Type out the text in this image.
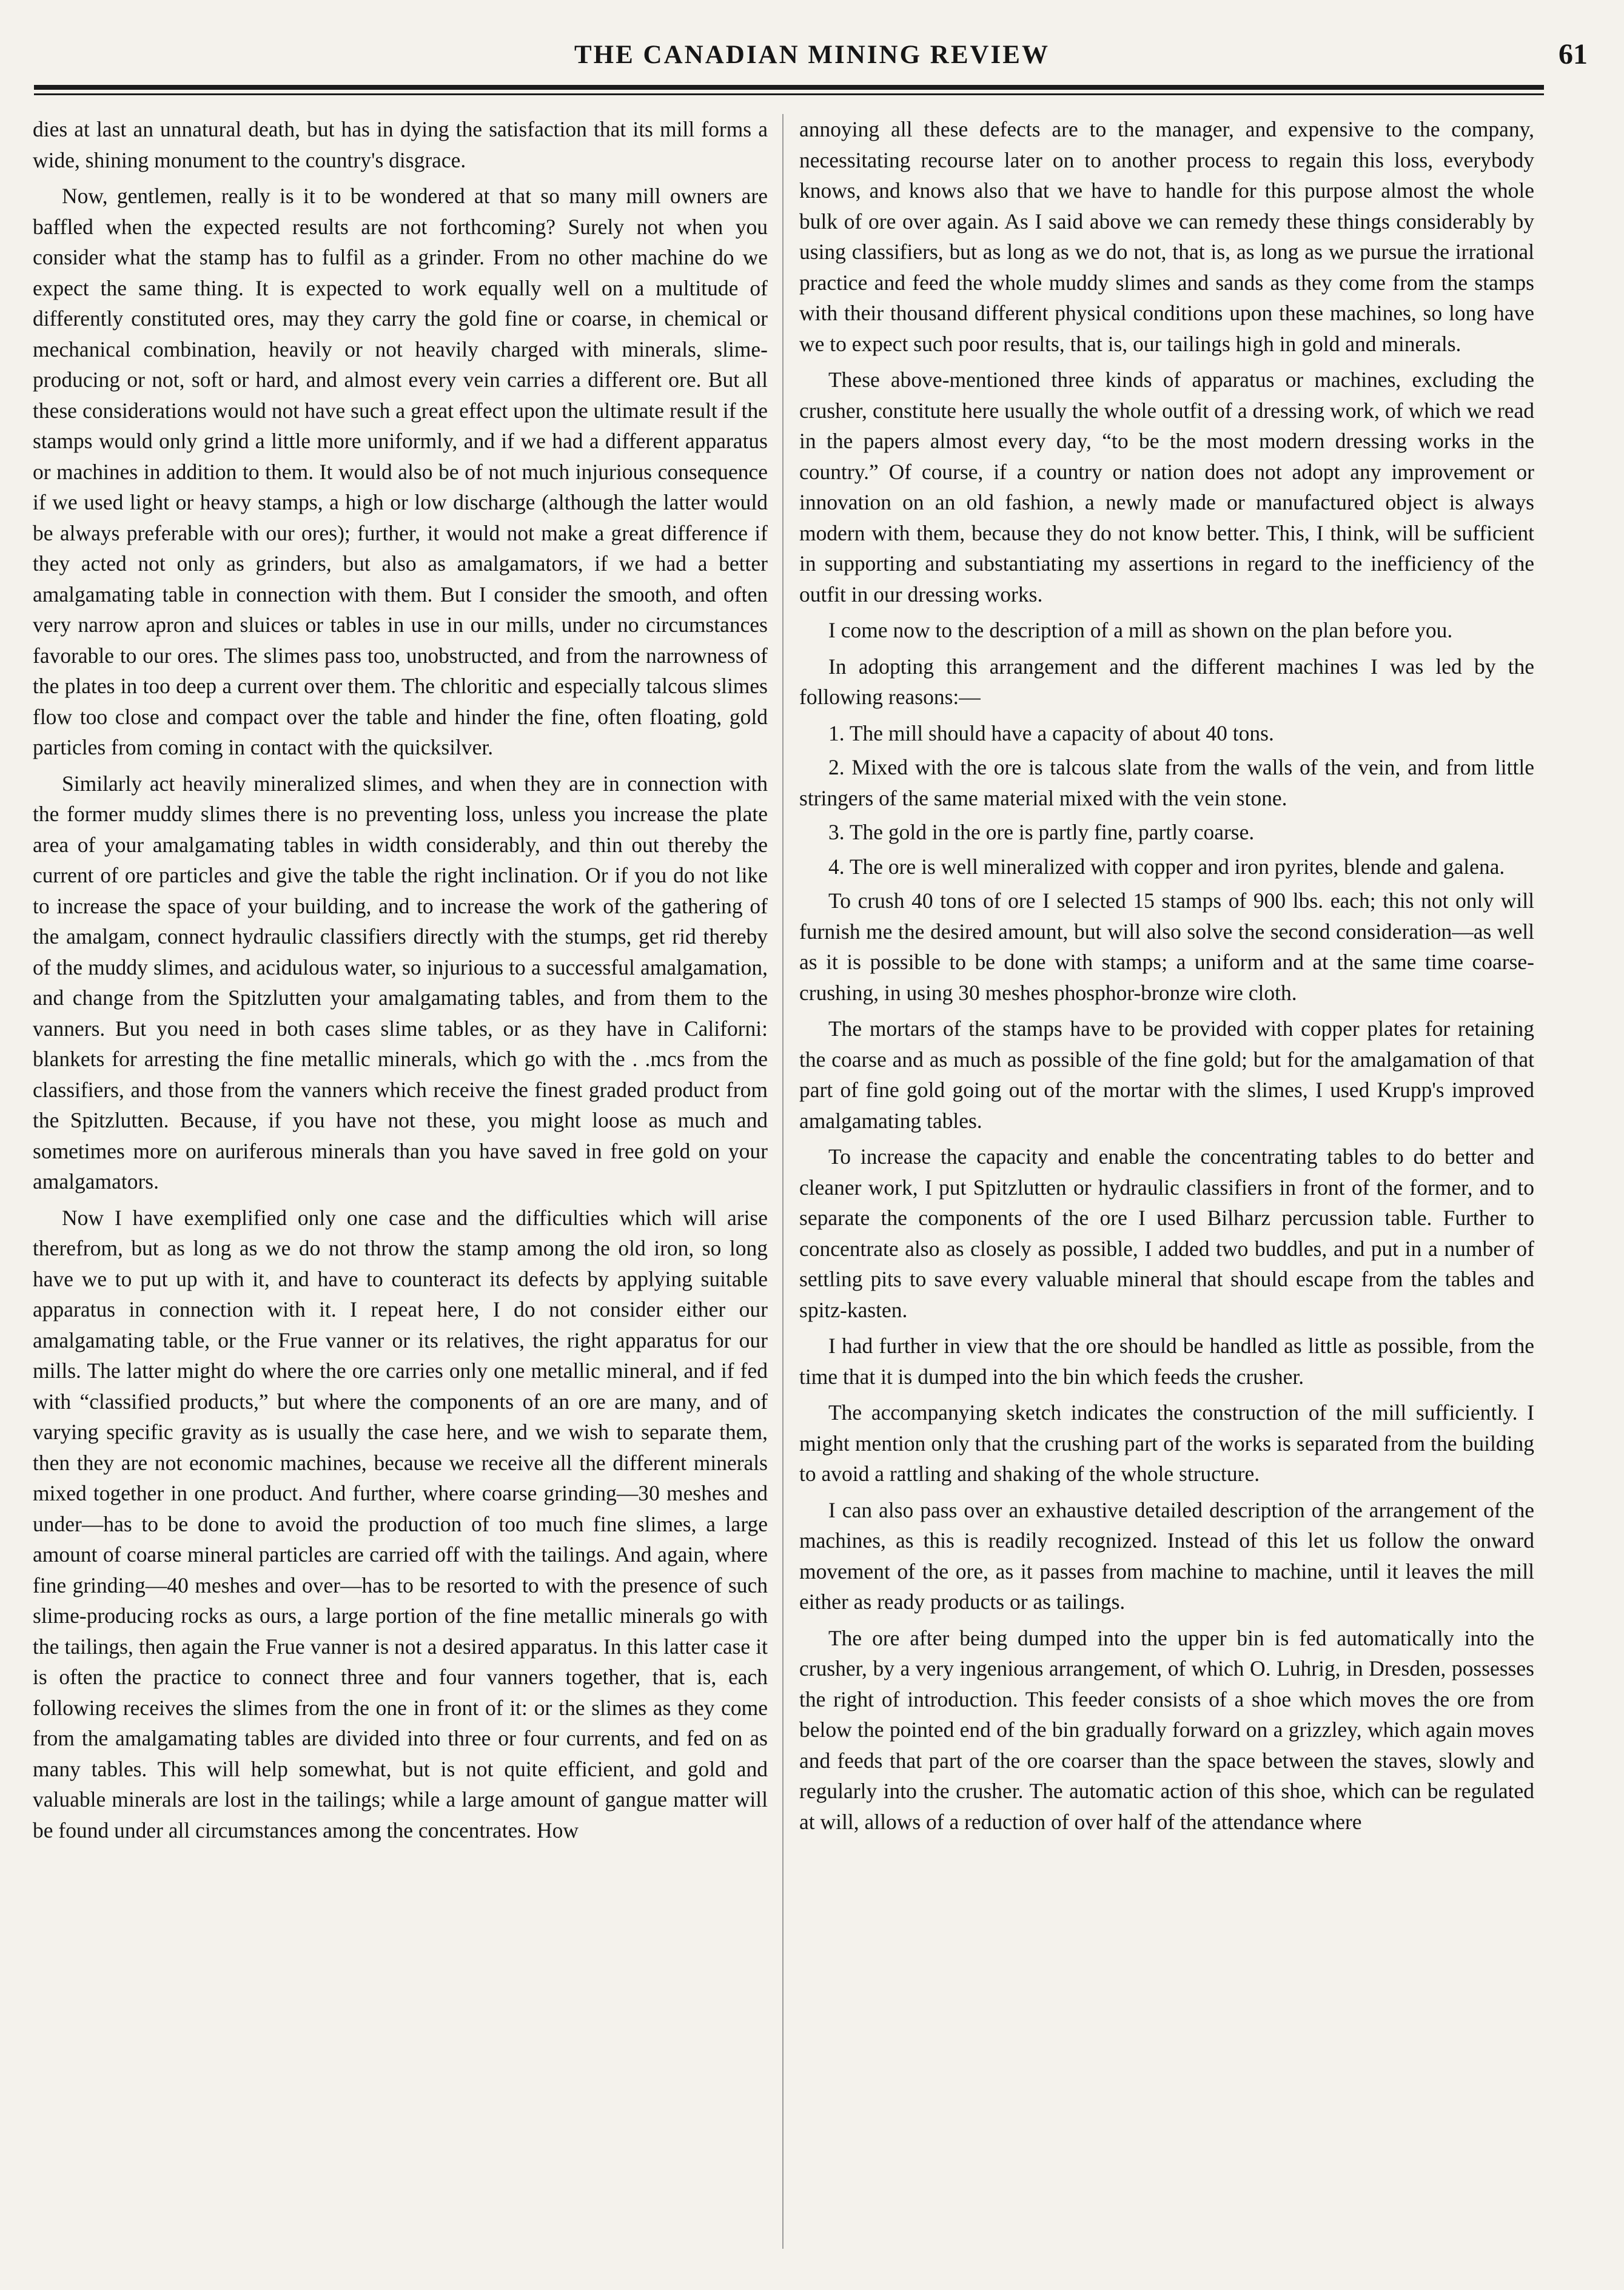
THE CANADIAN MINING REVIEW	61

dies at last an unnatural death, but has in dying the satisfaction that its mill forms a wide, shining monument to the country's disgrace.

Now, gentlemen, really is it to be wondered at that so many mill owners are baffled when the expected results are not forthcoming? Surely not when you consider what the stamp has to fulfil as a grinder. From no other machine do we expect the same thing. It is expected to work equally well on a multitude of differently constituted ores, may they carry the gold fine or coarse, in chemical or mechanical combination, heavily or not heavily charged with minerals, slime-producing or not, soft or hard, and almost every vein carries a different ore. But all these considerations would not have such a great effect upon the ultimate result if the stamps would only grind a little more uniformly, and if we had a different apparatus or machines in addition to them. It would also be of not much injurious consequence if we used light or heavy stamps, a high or low discharge (although the latter would be always preferable with our ores); further, it would not make a great difference if they acted not only as grinders, but also as amalgamators, if we had a better amalgamating table in connection with them. But I consider the smooth, and often very narrow apron and sluices or tables in use in our mills, under no circumstances favorable to our ores. The slimes pass too, unobstructed, and from the narrowness of the plates in too deep a current over them. The chloritic and especially talcous slimes flow too close and compact over the table and hinder the fine, often floating, gold particles from coming in contact with the quicksilver.

Similarly act heavily mineralized slimes, and when they are in connection with the former muddy slimes there is no preventing loss, unless you increase the plate area of your amalgamating tables in width considerably, and thin out thereby the current of ore particles and give the table the right inclination. Or if you do not like to increase the space of your building, and to increase the work of the gathering of the amalgam, connect hydraulic classifiers directly with the stumps, get rid thereby of the muddy slimes, and acidulous water, so injurious to a successful amalgamation, and change from the Spitzlutten your amalgamating tables, and from them to the vanners. But you need in both cases slime tables, or as they have in Californi: blankets for arresting the fine metallic minerals, which go with the . .mcs from the classifiers, and those from the vanners which receive the finest graded product from the Spitzlutten. Because, if you have not these, you might loose as much and sometimes more on auriferous minerals than you have saved in free gold on your amalgamators.

Now I have exemplified only one case and the difficulties which will arise therefrom, but as long as we do not throw the stamp among the old iron, so long have we to put up with it, and have to counteract its defects by applying suitable apparatus in connection with it. I repeat here, I do not consider either our amalgamating table, or the Frue vanner or its relatives, the right apparatus for our mills. The latter might do where the ore carries only one metallic mineral, and if fed with “classified products,” but where the components of an ore are many, and of varying specific gravity as is usually the case here, and we wish to separate them, then they are not economic machines, because we receive all the different minerals mixed together in one product. And further, where coarse grinding—30 meshes and under—has to be done to avoid the production of too much fine slimes, a large amount of coarse mineral particles are carried off with the tailings. And again, where fine grinding—40 meshes and over—has to be resorted to with the presence of such slime-producing rocks as ours, a large portion of the fine metallic minerals go with the tailings, then again the Frue vanner is not a desired apparatus. In this latter case it is often the practice to connect three and four vanners together, that is, each following receives the slimes from the one in front of it: or the slimes as they come from the amalgamating tables are divided into three or four currents, and fed on as many tables. This will help somewhat, but is not quite efficient, and gold and valuable minerals are lost in the tailings; while a large amount of gangue matter will be found under all circumstances among the concentrates. How

annoying all these defects are to the manager, and expensive to the company, necessitating recourse later on to another process to regain this loss, everybody knows, and knows also that we have to handle for this purpose almost the whole bulk of ore over again. As I said above we can remedy these things considerably by using classifiers, but as long as we do not, that is, as long as we pursue the irrational practice and feed the whole muddy slimes and sands as they come from the stamps with their thousand different physical conditions upon these machines, so long have we to expect such poor results, that is, our tailings high in gold and minerals.

These above-mentioned three kinds of apparatus or machines, excluding the crusher, constitute here usually the whole outfit of a dressing work, of which we read in the papers almost every day, “to be the most modern dressing works in the country.” Of course, if a country or nation does not adopt any improvement or innovation on an old fashion, a newly made or manufactured object is always modern with them, because they do not know better. This, I think, will be sufficient in supporting and substantiating my assertions in regard to the inefficiency of the outfit in our dressing works.

I come now to the description of a mill as shown on the plan before you.

In adopting this arrangement and the different machines I was led by the following reasons:—

1. The mill should have a capacity of about 40 tons.

2. Mixed with the ore is talcous slate from the walls of the vein, and from little stringers of the same material mixed with the vein stone.

3. The gold in the ore is partly fine, partly coarse.

4. The ore is well mineralized with copper and iron pyrites, blende and galena.

To crush 40 tons of ore I selected 15 stamps of 900 lbs. each; this not only will furnish me the desired amount, but will also solve the second consideration—as well as it is possible to be done with stamps; a uniform and at the same time coarse-crushing, in using 30 meshes phosphor-bronze wire cloth.

The mortars of the stamps have to be provided with copper plates for retaining the coarse and as much as possible of the fine gold; but for the amalgamation of that part of fine gold going out of the mortar with the slimes, I used Krupp's improved amalgamating tables.

To increase the capacity and enable the concentrating tables to do better and cleaner work, I put Spitzlutten or hydraulic classifiers in front of the former, and to separate the components of the ore I used Bilharz percussion table. Further to concentrate also as closely as possible, I added two buddles, and put in a number of settling pits to save every valuable mineral that should escape from the tables and spitz-kasten.

I had further in view that the ore should be handled as little as possible, from the time that it is dumped into the bin which feeds the crusher.

The accompanying sketch indicates the construction of the mill sufficiently. I might mention only that the crushing part of the works is separated from the building to avoid a rattling and shaking of the whole structure.

I can also pass over an exhaustive detailed description of the arrangement of the machines, as this is readily recognized. Instead of this let us follow the onward movement of the ore, as it passes from machine to machine, until it leaves the mill either as ready products or as tailings.

The ore after being dumped into the upper bin is fed automatically into the crusher, by a very ingenious arrangement, of which O. Luhrig, in Dresden, possesses the right of introduction. This feeder consists of a shoe which moves the ore from below the pointed end of the bin gradually forward on a grizzley, which again moves and feeds that part of the ore coarser than the space between the staves, slowly and regularly into the crusher. The automatic action of this shoe, which can be regulated at will, allows of a reduction of over half of the attendance where
